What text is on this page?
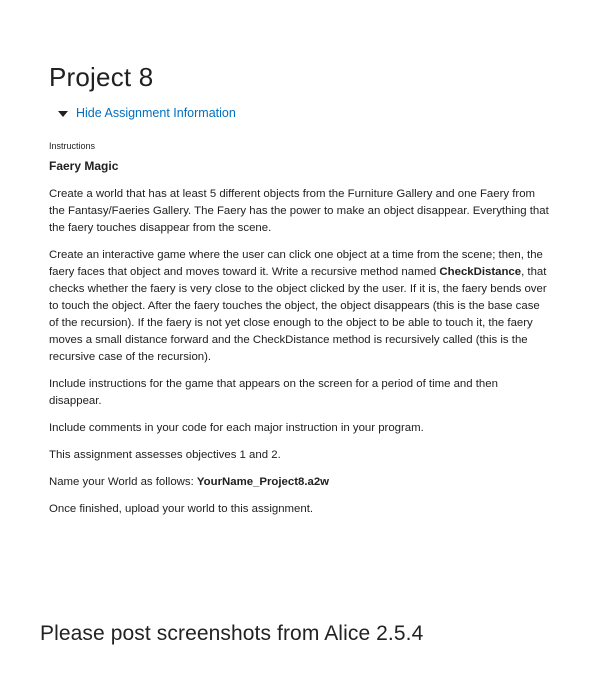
Project 8
Hide Assignment Information
Instructions
Faery Magic

Create a world that has at least 5 different objects from the Furniture Gallery and one Faery from the Fantasy/Faeries Gallery. The Faery has the power to make an object disappear. Everything that the faery touches disappear from the scene.

Create an interactive game where the user can click one object at a time from the scene; then, the faery faces that object and moves toward it. Write a recursive method named CheckDistance, that checks whether the faery is very close to the object clicked by the user. If it is, the faery bends over to touch the object. After the faery touches the object, the object disappears (this is the base case of the recursion). If the faery is not yet close enough to the object to be able to touch it, the faery moves a small distance forward and the CheckDistance method is recursively called (this is the recursive case of the recursion).

Include instructions for the game that appears on the screen for a period of time and then disappear.

Include comments in your code for each major instruction in your program.

This assignment assesses objectives 1 and 2.

Name your World as follows: YourName_Project8.a2w

Once finished, upload your world to this assignment.

Please post screenshots from Alice 2.5.4
